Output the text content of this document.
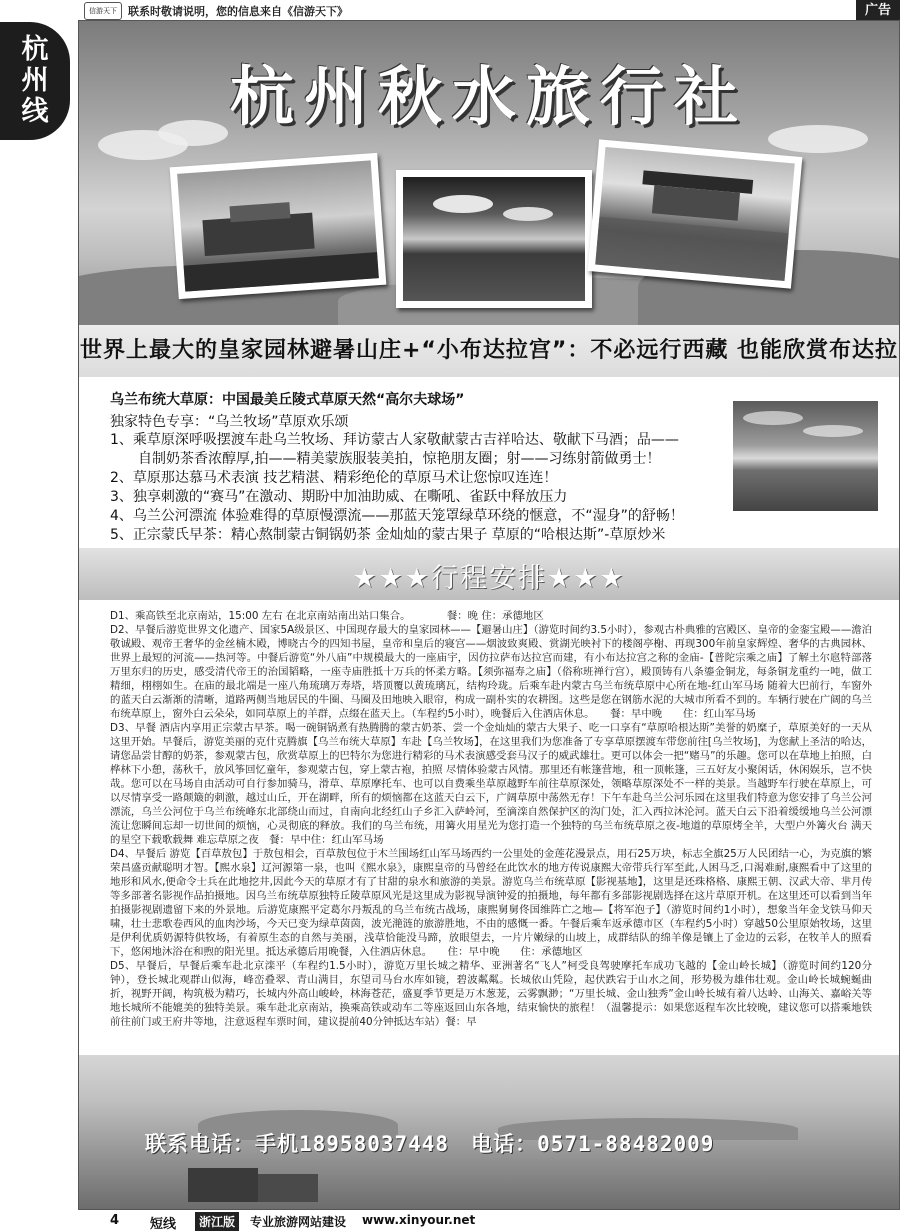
信游天下	联系时敬请说明，您的信息来自《信游天下》	广告
杭州线	杭州秋水旅行社
世界上最大的皇家园林避暑山庄+“小布达拉宫”：不必远行西藏 也能欣赏布达拉
乌兰布统大草原：中国最美丘陵式草原天然“高尔夫球场”
独家特色专享：“乌兰牧场”草原欢乐颂
1、乘草原深呼吸摆渡车赴乌兰牧场、拜访蒙古人家敬献蒙古吉祥哈达、敬献下马酒；品——
　　自制奶茶香浓醇厚,拍——精美蒙族服装美拍，惊艳朋友圈；射——习练射箭做勇士！
2、草原那达慕马术表演 技艺精湛、精彩绝伦的草原马术让您惊叹连连！
3、独享刺激的“赛马”在激动、期盼中加油助威、在嘶吼、雀跃中释放压力
4、乌兰公河漂流 体验难得的草原慢漂流——那蓝天笼罩绿草环绕的惬意，不“湿身”的舒畅！
5、正宗蒙氏早茶：精心熬制蒙古铜锅奶茶 金灿灿的蒙古果子 草原的“哈根达斯”-草原炒米
★★★行程安排★★★

D1、乘高铁至北京南站，15:00 左右 在北京南站南出站口集合。　　　　餐：晚 住：承德地区

D2、早餐后游览世界文化遗产、国家5A级景区、中国现存最大的皇家园林——【避暑山庄】（游览时间约3.5小时），参观古朴典雅的宫殿区、皇帝的金銮宝殿——澹泊敬诚殿、观帝王奢华的金丝楠木殿，博晓古今的四知书屋，皇帝和皇后的寝宫——烟波致爽殿、赏湖光映衬下的楼阁亭榭、再现300年前皇家辉煌、奢华的古典园林、世界上最短的河流——热河等。中餐后游览“外八庙”中规模最大的一座庙宇，因仿拉萨布达拉宫而建，有小布达拉宫之称的金庙-【普陀宗乘之庙】了解土尔扈特部落万里东归的历史，感受清代帝王的治国韬略，一座寺庙胜抵十万兵的怀柔方略。【须弥福寿之庙】（俗称班禅行宫），殿顶铸有八条鎏金铜龙，每条铜龙重约一吨，做工精细，栩栩如生。在庙的最北端是一座八角琉璃万寿塔，塔顶覆以黄琉璃瓦，结构玲珑。后乘车赴内蒙古乌兰布统草原中心所在地-红山军马场 随着大巴前行，车窗外的蓝天白云渐渐的清晰，道路两侧当地居民的牛圈、马圈及田地映入眼帘，构成一副朴实的农耕图。这些是您在钢筋水泥的大城市所看不到的。车辆行驶在广阔的乌兰布统草原上，窗外白云朵朵，如同草原上的羊群，点缀在蓝天上。（车程约5小时），晚餐后入住酒店休息。　　餐：早中晚　　住：红山军马场

D3、早餐 酒店内享用正宗蒙古早茶。喝一碗铜锅煮有热腾腾的蒙古奶茶、尝一个金灿灿的蒙古大果子、吃一口享有“草原哈根达斯”美誉的奶糜子，草原美好的一天从这里开始。早餐后，游览美丽的克什克腾旗【乌兰布统大草原】车赴【乌兰牧场】，在这里我们为您准备了专享草原摆渡车带您前往[乌兰牧场]，为您献上圣洁的哈达，请您品尝甘醇的奶茶，参观蒙古包，欣赏草原上的巴特尔为您进行精彩的马术表演感受套马汉子的威武雄壮。更可以体会一把“赌马”的乐趣。您可以在草地上拍照，白桦林下小憩，荡秋千，放风筝回忆童年，参观蒙古包，穿上蒙古袍，拍照 尽情体验蒙古风情。那里还有帐篷营地，租一顶帐篷，三五好友小聚闲话，休闲娱乐，岂不快哉。您可以在马场自由活动可自行参加骑马，滑草、草原摩托车、也可以自费乘坐草原越野车前往草原深处，领略草原深处不一样的美景。当越野车行驶在草原上，可以尽情享受一路颠簸的刺激，越过山丘，开在湖畔，所有的烦恼都在这蓝天白云下，广阔草原中荡然无存！下午车赴乌兰公河乐园在这里我们特意为您安排了乌兰公河漂流，乌兰公河位于乌兰布统峰东北部绕山而过，自南向北经红山子乡汇入萨岭河，至滴滦自然保护区的沟门处，汇入西拉沐沦河。蓝天白云下沿着缓缓地乌兰公河漂流让您瞬间忘却一切世间的烦恼，心灵彻底的释放。我们的乌兰布统，用篝火用星光为您打造一个独特的乌兰布统草原之夜-地道的草原烤全羊，大型户外篝火台 满天的星空下载歌载舞 难忘草原之夜　餐：早中住：红山军马场

D4、早餐后 游览【百草敖包】于敖包相会，百草敖包位于木兰围场红山军马场西约一公里处的金莲花漫景点，用石25万块，标志全旗25万人民团结一心，为克旗的繁荣昌盛贡献聪明才智。【熙水泉】辽河源第一泉，也叫《熙水泉》，康熙皇帝的马曾经在此饮水的地方传说康熙大帝带兵行军至此,人困马乏,口渴难耐,康熙看中了这里的地形和风水,便命令士兵在此地挖井,因此今天的草原才有了甘甜的泉水和旅游的美景。游览乌兰布统草原【影视基地】，这里是还珠格格、康熙王朝、汉武大帝、芈月传等多部著名影视作品拍摄地。因乌兰布统草原独特丘陵草原风光是这里成为影视导演钟爱的拍摄地，每年都有多部影视剧选择在这片草原开机。在这里还可以看到当年拍摄影视剧遗留下来的外景地。后游览康熙平定葛尔丹叛乱的乌兰布统古战场，康熙舅舅佟国维阵亡之地—【将军泡子】（游览时间约1小时），想象当年金戈铁马仰天啸，壮士悲歌卷西风的血肉沙场，今天已变为绿草茵茵，波光滟涟的旅游胜地，不由的感慨一番。午餐后乘车返承德市区（车程约5小时）穿越50公里原始牧场，这里是伊利优质奶源特供牧场，有着原生态的自然与美丽，浅草恰能没马蹄，放眼望去，一片片嫩绿的山坡上，成群结队的绵羊像是镶上了金边的云彩，在牧羊人的照看下，悠闲地沐浴在和煦的阳光里。抵达承德后用晚餐，入住酒店休息。　　住：早中晚　　住：承德地区

D5、早餐后，早餐后乘车赴北京滦平（车程约1.5小时），游览万里长城之精华、亚洲著名“飞人”柯受良驾驶摩托车成功飞越的【金山岭长城】（游览时间约120分钟），登长城北观群山似海，峰峦叠翠、青山满目，东望司马台水库如镜，碧波粼粼。长城依山凭险，起伏跌宕于山水之间，形势极为雄伟壮观。金山岭长城蜿蜒曲折，视野开阔，构筑极为精巧，长城内外高山峻岭，林海苍茫，盛夏季节更是万木葱茏，云雾飘渺；“万里长城、金山独秀”金山岭长城有着八达岭、山海关、嘉峪关等地长城所不能媲美的独特美景。乘车赴北京南站，换乘高铁或动车二等座返回山东各地，结束愉快的旅程！（温馨提示：如果您返程车次比较晚，建议您可以搭乘地铁前往前门或王府井等地，注意返程车票时间，建议提前40分钟抵达车站）餐：早

联系电话：手机18958037448　电话：0571-88482009
4 短线	浙江版	专业旅游网站建设 www.xinyour.net
